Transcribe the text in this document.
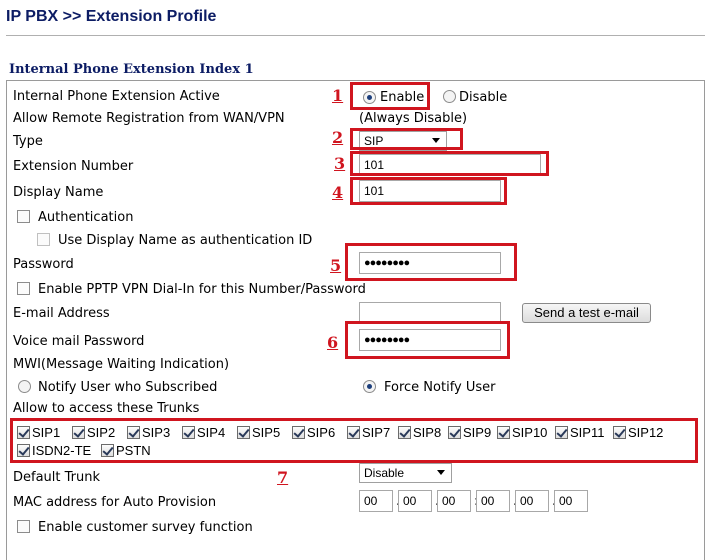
IP PBX >> Extension Profile
Internal Phone Extension Index 1
Internal Phone Extension Active	Enable	Disable
Allow Remote Registration from WAN/VPN	(Always Disable)
Type	SIP
Extension Number	101
Display Name	101
Authentication
Use Display Name as authentication ID
Password	●●●●●●●●
Enable PPTP VPN Dial-In for this Number/Password
E-mail Address	Send a test e-mail
Voice mail Password	●●●●●●●●
MWI(Message Waiting Indication)
Notify User who Subscribed	Force Notify User
Allow to access these Trunks
SIP1	SIP2	SIP3	SIP4	SIP5	SIP6	SIP7	SIP8	SIP9	SIP10	SIP11	SIP12
ISDN2-TE	PSTN
Default Trunk	Disable
MAC address for Auto Provision	00	. 00	. 00	: 00	. 00	. 00
Enable customer survey function
1
2
3
4
5
6
7
